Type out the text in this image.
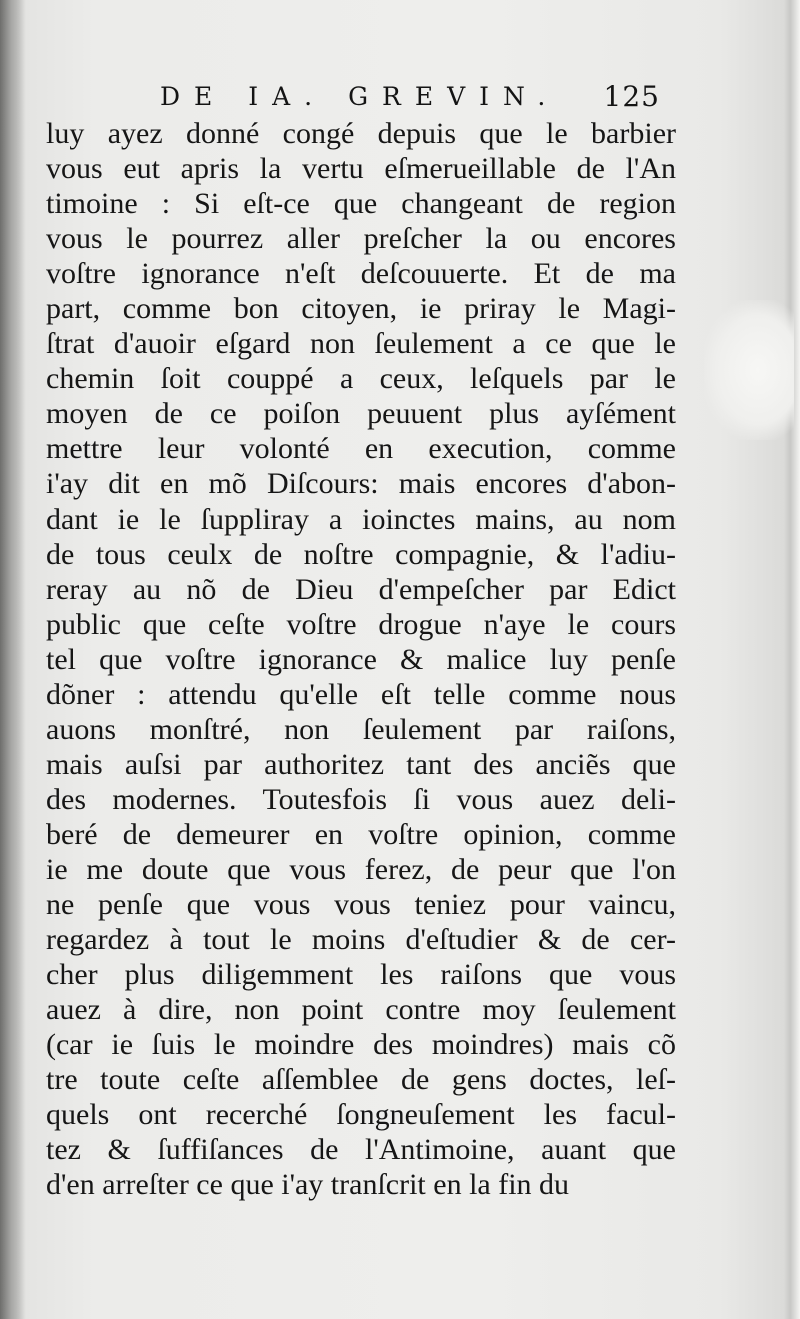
DE IA. GREVIN. 125
luy ayez donné congé depuis que le barbier
vous eut apris la vertu eſmerueillable de l'An
timoine : Si eſt-ce que changeant de region
vous le pourrez aller preſcher la ou encores
voſtre ignorance n'eſt deſcouuerte. Et de ma
part, comme bon citoyen, ie priray le Magi-
ſtrat d'auoir eſgard non ſeulement a ce que le
chemin ſoit couppé a ceux, leſquels par le
moyen de ce poiſon peuuent plus ayſément
mettre leur volonté en execution, comme
i'ay dit en mõ Diſcours: mais encores d'abon-
dant ie le ſuppliray a ioinctes mains, au nom
de tous ceulx de noſtre compagnie, & l'adiu-
reray au nõ de Dieu d'empeſcher par Edict
public que ceſte voſtre drogue n'aye le cours
tel que voſtre ignorance & malice luy penſe
dõner : attendu qu'elle eſt telle comme nous
auons monſtré, non ſeulement par raiſons,
mais auſsi par authoritez tant des anciẽs que
des modernes. Toutesfois ſi vous auez deli-
beré de demeurer en voſtre opinion, comme
ie me doute que vous ferez, de peur que l'on
ne penſe que vous vous teniez pour vaincu,
regardez à tout le moins d'eſtudier & de cer-
cher plus diligemment les raiſons que vous
auez à dire, non point contre moy ſeulement
(car ie ſuis le moindre des moindres) mais cõ
tre toute ceſte aſſemblee de gens doctes, leſ-
quels ont recerché ſongneuſement les facul-
tez & ſuffiſances de l'Antimoine, auant que
d'en arreſter ce que i'ay tranſcrit en la fin du
